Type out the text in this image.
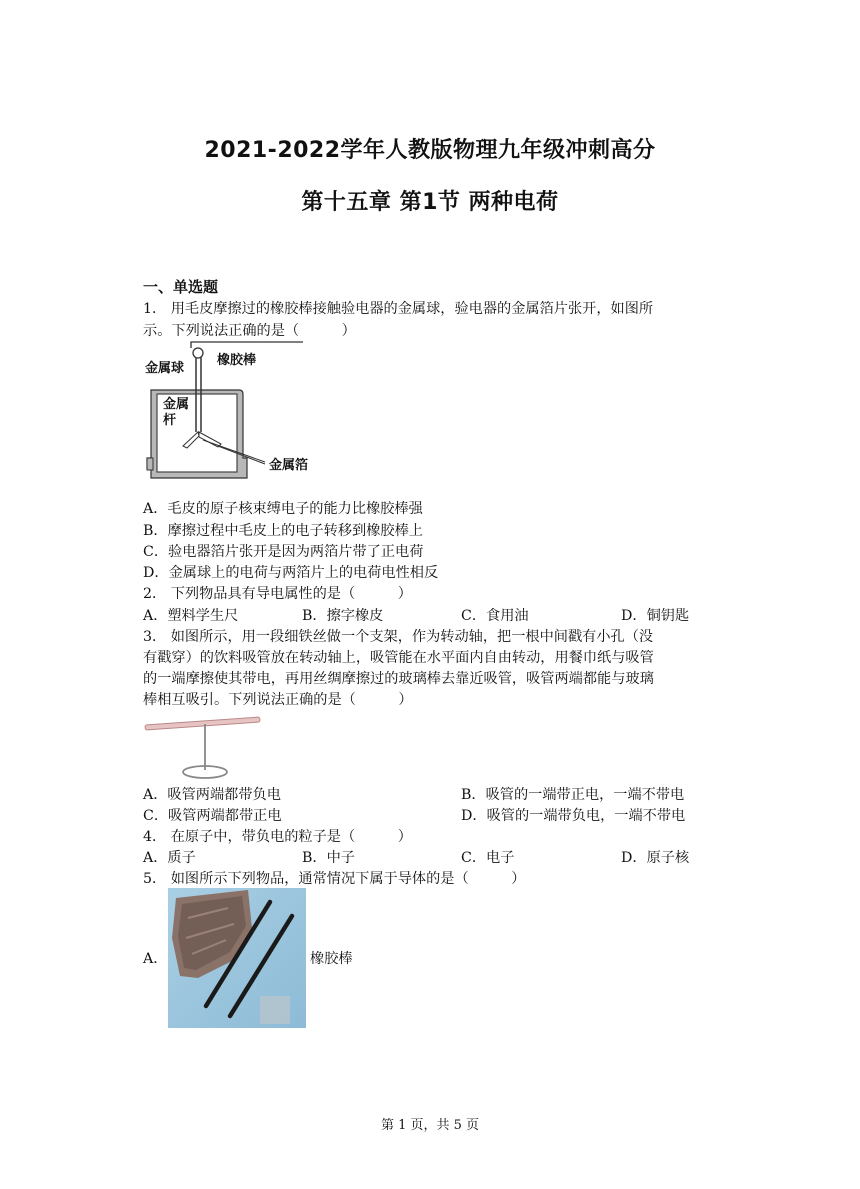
2021-2022学年人教版物理九年级冲刺高分
第十五章 第1节 两种电荷
一、单选题
1． 用毛皮摩擦过的橡胶棒接触验电器的金属球，验电器的金属箔片张开，如图所
示。下列说法正确的是（　　　）
橡胶棒
金属球
金属
杆
金属箔
A．毛皮的原子核束缚电子的能力比橡胶棒强
B．摩擦过程中毛皮上的电子转移到橡胶棒上
C．验电器箔片张开是因为两箔片带了正电荷
D．金属球上的电荷与两箔片上的电荷电性相反
2． 下列物品具有导电属性的是（　　　）
A．塑料学生尺	B．擦字橡皮	C．食用油	D．铜钥匙
3． 如图所示，用一段细铁丝做一个支架，作为转动轴，把一根中间戳有小孔（没
有戳穿）的饮料吸管放在转动轴上，吸管能在水平面内自由转动，用餐巾纸与吸管
的一端摩擦使其带电，再用丝绸摩擦过的玻璃棒去靠近吸管，吸管两端都能与玻璃
棒相互吸引。下列说法正确的是（　　　）
A．吸管两端都带负电	B．吸管的一端带正电，一端不带电
C．吸管两端都带正电	D．吸管的一端带负电，一端不带电
4． 在原子中，带负电的粒子是（　　　）
A．质子	B．中子	C．电子	D．原子核
5． 如图所示下列物品，通常情况下属于导体的是（　　　）
A．	橡胶棒
第 1 页，共 5 页
